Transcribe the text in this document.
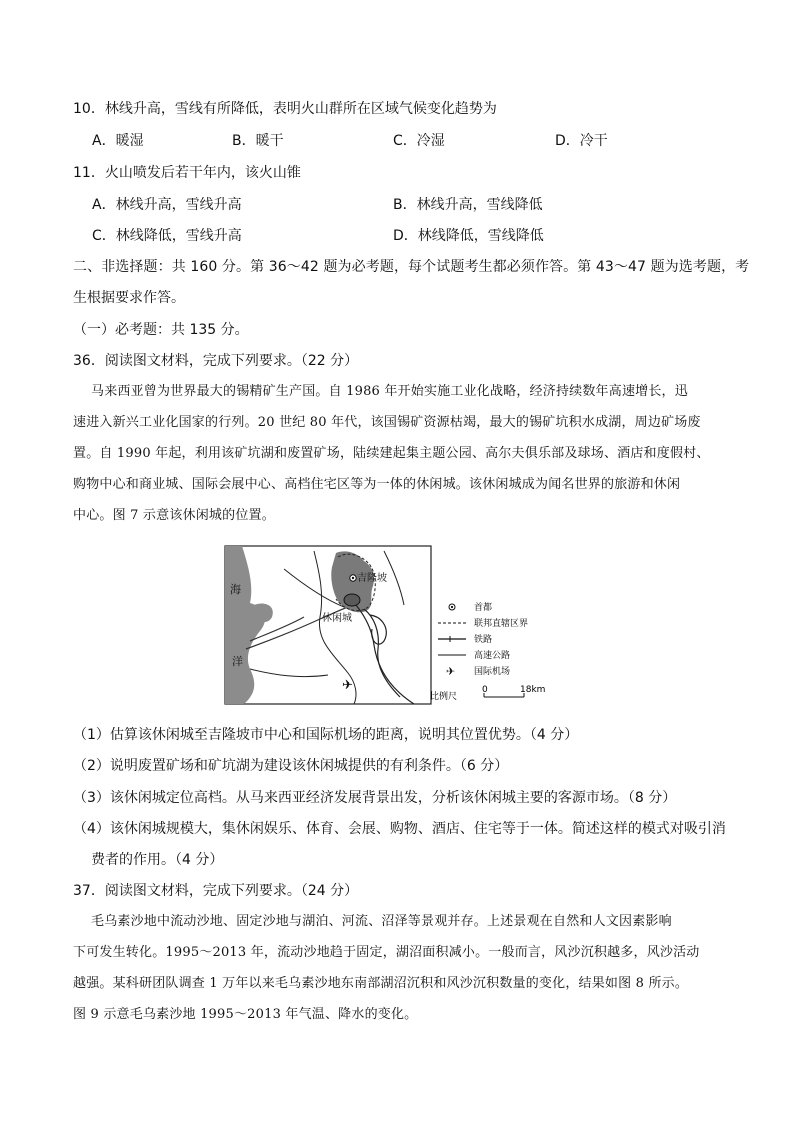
10．林线升高，雪线有所降低，表明火山群所在区域气候变化趋势为
A．暖湿	B．暖干	C．冷湿	D．冷干
11．火山喷发后若干年内，该火山锥
A．林线升高，雪线升高	B．林线升高，雪线降低
C．林线降低，雪线升高	D．林线降低，雪线降低
二、非选择题：共 160 分。第 36～42 题为必考题，每个试题考生都必须作答。第 43～47 题为选考题，考
生根据要求作答。
（一）必考题：共 135 分。
36．阅读图文材料，完成下列要求。（22 分）
马来西亚曾为世界最大的锡精矿生产国。自 1986 年开始实施工业化战略，经济持续数年高速增长，迅
速进入新兴工业化国家的行列。20 世纪 80 年代，该国锡矿资源枯竭，最大的锡矿坑积水成湖，周边矿场废
置。自 1990 年起，利用该矿坑湖和废置矿场，陆续建起集主题公园、高尔夫俱乐部及球场、酒店和度假村、
购物中心和商业城、国际会展中心、高档住宅区等为一体的休闲城。该休闲城成为闻名世界的旅游和休闲
中心。图 7 示意该休闲城的位置。
✈
海
洋
吉隆坡
休闲城
首都
联邦直辖区界
铁路
高速公路
✈ 国际机场
比例尺
0	18km
（1）估算该休闲城至吉隆坡市中心和国际机场的距离，说明其位置优势。（4 分）
（2）说明废置矿场和矿坑湖为建设该休闲城提供的有利条件。（6 分）
（3）该休闲城定位高档。从马来西亚经济发展背景出发，分析该休闲城主要的客源市场。（8 分）
（4）该休闲城规模大，集休闲娱乐、体育、会展、购物、酒店、住宅等于一体。简述这样的模式对吸引消
费者的作用。（4 分）
37．阅读图文材料，完成下列要求。（24 分）
毛乌素沙地中流动沙地、固定沙地与湖泊、河流、沼泽等景观并存。上述景观在自然和人文因素影响
下可发生转化。1995～2013 年，流动沙地趋于固定，湖沼面积减小。一般而言，风沙沉积越多，风沙活动
越强。某科研团队调查 1 万年以来毛乌素沙地东南部湖沼沉积和风沙沉积数量的变化，结果如图 8 所示。
图 9 示意毛乌素沙地 1995～2013 年气温、降水的变化。
